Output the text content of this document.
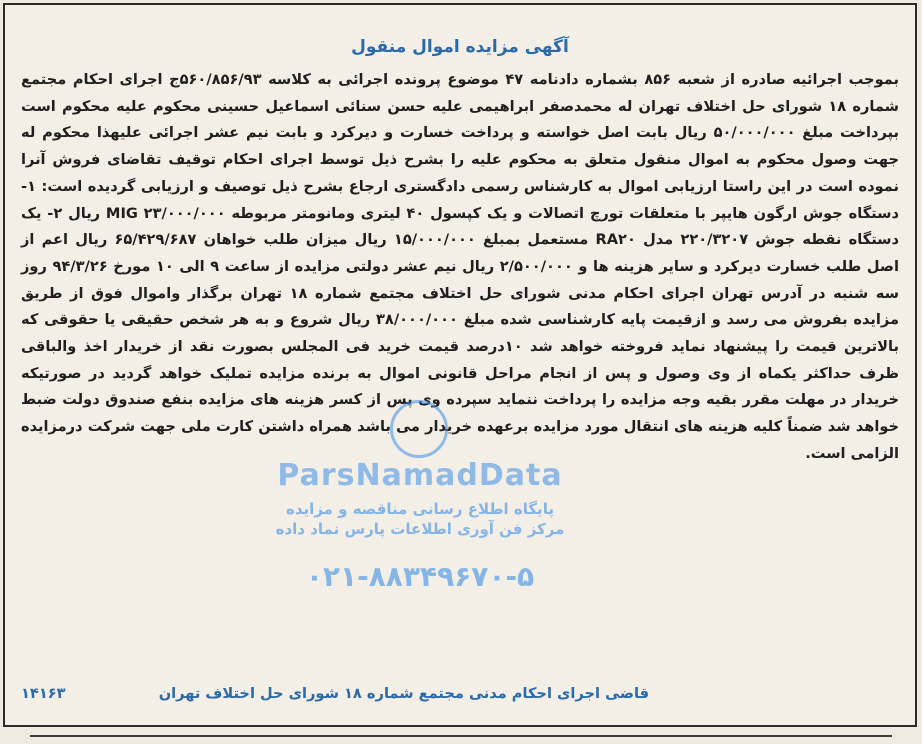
آگهی مزایده اموال منقول

بموجب اجرائیه صادره از شعبه ۸۵۶ بشماره دادنامه ۴۷ موضوع پرونده اجرائی به کلاسه ۵۶۰/۸۵۶/۹۳ج اجرای احکام مجتمع شماره ۱۸ شورای حل اختلاف تهران له محمدصفر ابراهیمی علیه حسن سنائی اسماعیل حسینی محکوم علیه محکوم است بپرداخت مبلغ ۵۰/۰۰۰/۰۰۰ ریال بابت اصل خواسته و پرداخت خسارت و دیرکرد و بابت نیم عشر اجرائی علیهذا محکوم له جهت وصول محکوم به اموال منقول متعلق به محکوم علیه را بشرح ذیل توسط اجرای احکام توقیف تقاضای فروش آنرا نموده است در این راستا ارزیابی اموال به کارشناس رسمی دادگستری ارجاع بشرح ذیل توصیف و ارزیابی گردیده است: ۱- دستگاه جوش ارگون هایپر با متعلقات تورچ اتصالات و یک کپسول ۴۰ لیتری ومانومتر مربوطه MIG ۲۳/۰۰۰/۰۰۰ ریال ۲- یک دستگاه نقطه جوش ۲۲۰/۳۲۰۷ مدل RA۲۰ مستعمل بمبلغ ۱۵/۰۰۰/۰۰۰ ریال میزان طلب خواهان ۶۵/۴۲۹/۶۸۷ ریال اعم از اصل طلب خسارت دیرکرد و سایر هزینه ها و ۲/۵۰۰/۰۰۰ ریال نیم عشر دولتی مزایده از ساعت ۹ الی ۱۰ مورخ ۹۴/۳/۲۶ روز سه شنبه در آدرس تهران اجرای احکام مدنی شورای حل اختلاف مجتمع شماره ۱۸ تهران برگذار واموال فوق از طریق مزایده بفروش می رسد و ازقیمت پایه کارشناسی شده مبلغ ۳۸/۰۰۰/۰۰۰ ریال شروع و به هر شخص حقیقی یا حقوقی که بالاترین قیمت را پیشنهاد نماید فروخته خواهد شد ۱۰درصد قیمت خرید فی المجلس بصورت نقد از خریدار اخذ والباقی ظرف حداکثر یکماه از وی وصول و پس از انجام مراحل قانونی اموال به برنده مزایده تملیک خواهد گردید در صورتیکه خریدار در مهلت مقرر بقیه وجه مزایده را پرداخت ننماید سپرده وی پس از کسر هزینه های مزایده بنفع صندوق دولت ضبط خواهد شد ضمناً کلیه هزینه های انتقال مورد مزایده برعهده خریدار می باشد همراه داشتن کارت ملی جهت شرکت درمزایده الزامی است.

قاضی اجرای احکام مدنی مجتمع شماره ۱۸ شورای حل اختلاف تهران
۱۴۱۶۳
ParsNamadData
پایگاه اطلاع رسانی مناقصه و مزایده
مرکز فن آوری اطلاعات پارس نماد داده
۰۲۱-۸۸۳۴۹۶۷۰-۵
